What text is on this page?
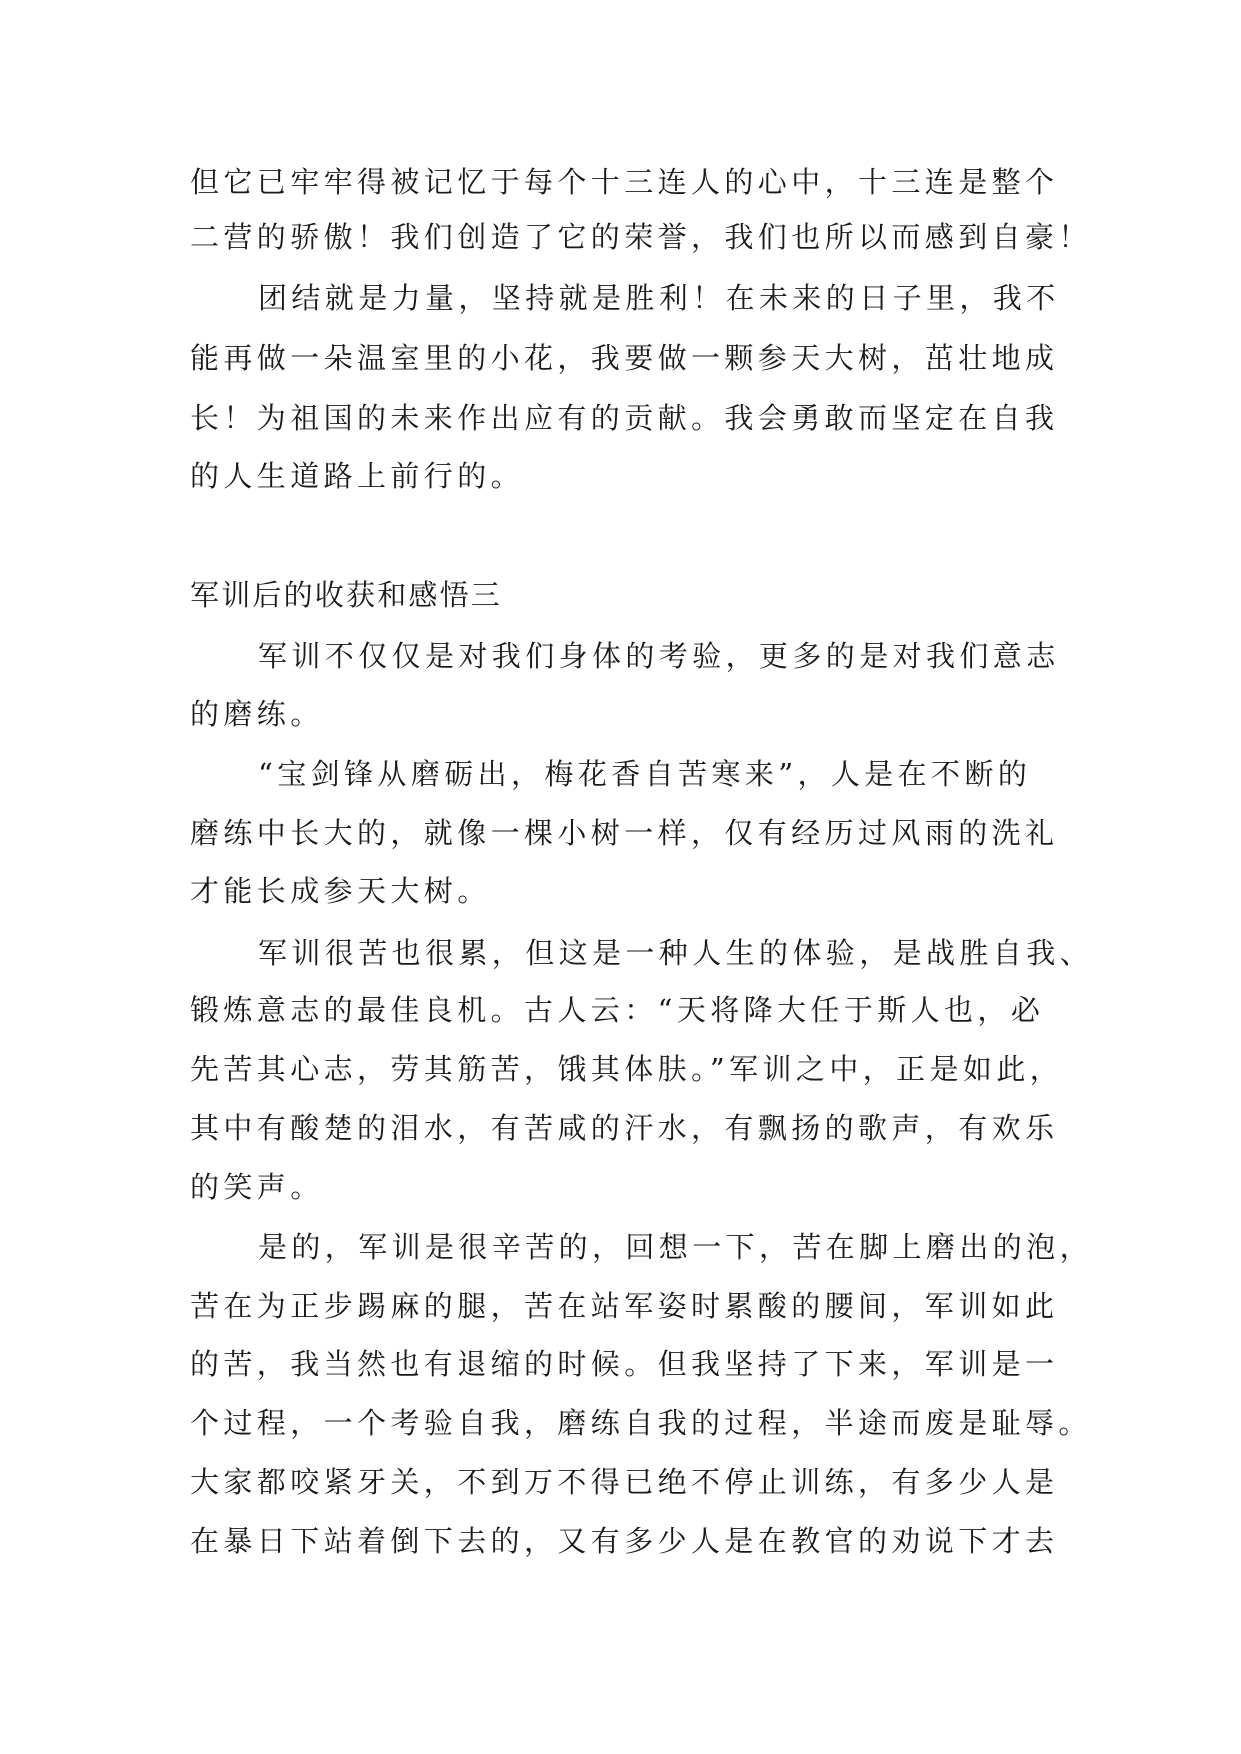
但它已牢牢得被记忆于每个十三连人的心中，十三连是整个
二营的骄傲！我们创造了它的荣誉，我们也所以而感到自豪！
团结就是力量，坚持就是胜利！在未来的日子里，我不
能再做一朵温室里的小花，我要做一颗参天大树，茁壮地成
长！为祖国的未来作出应有的贡献。我会勇敢而坚定在自我
的人生道路上前行的。
军训后的收获和感悟三
军训不仅仅是对我们身体的考验，更多的是对我们意志
的磨练。
“宝剑锋从磨砺出，梅花香自苦寒来”，人是在不断的
磨练中长大的，就像一棵小树一样，仅有经历过风雨的洗礼
才能长成参天大树。
军训很苦也很累，但这是一种人生的体验，是战胜自我、
锻炼意志的最佳良机。古人云：“天将降大任于斯人也，必
先苦其心志，劳其筋苦，饿其体肤。”军训之中，正是如此，
其中有酸楚的泪水，有苦咸的汗水，有飘扬的歌声，有欢乐
的笑声。
是的，军训是很辛苦的，回想一下，苦在脚上磨出的泡，
苦在为正步踢麻的腿，苦在站军姿时累酸的腰间，军训如此
的苦，我当然也有退缩的时候。但我坚持了下来，军训是一
个过程，一个考验自我，磨练自我的过程，半途而废是耻辱。
大家都咬紧牙关，不到万不得已绝不停止训练，有多少人是
在暴日下站着倒下去的，又有多少人是在教官的劝说下才去
